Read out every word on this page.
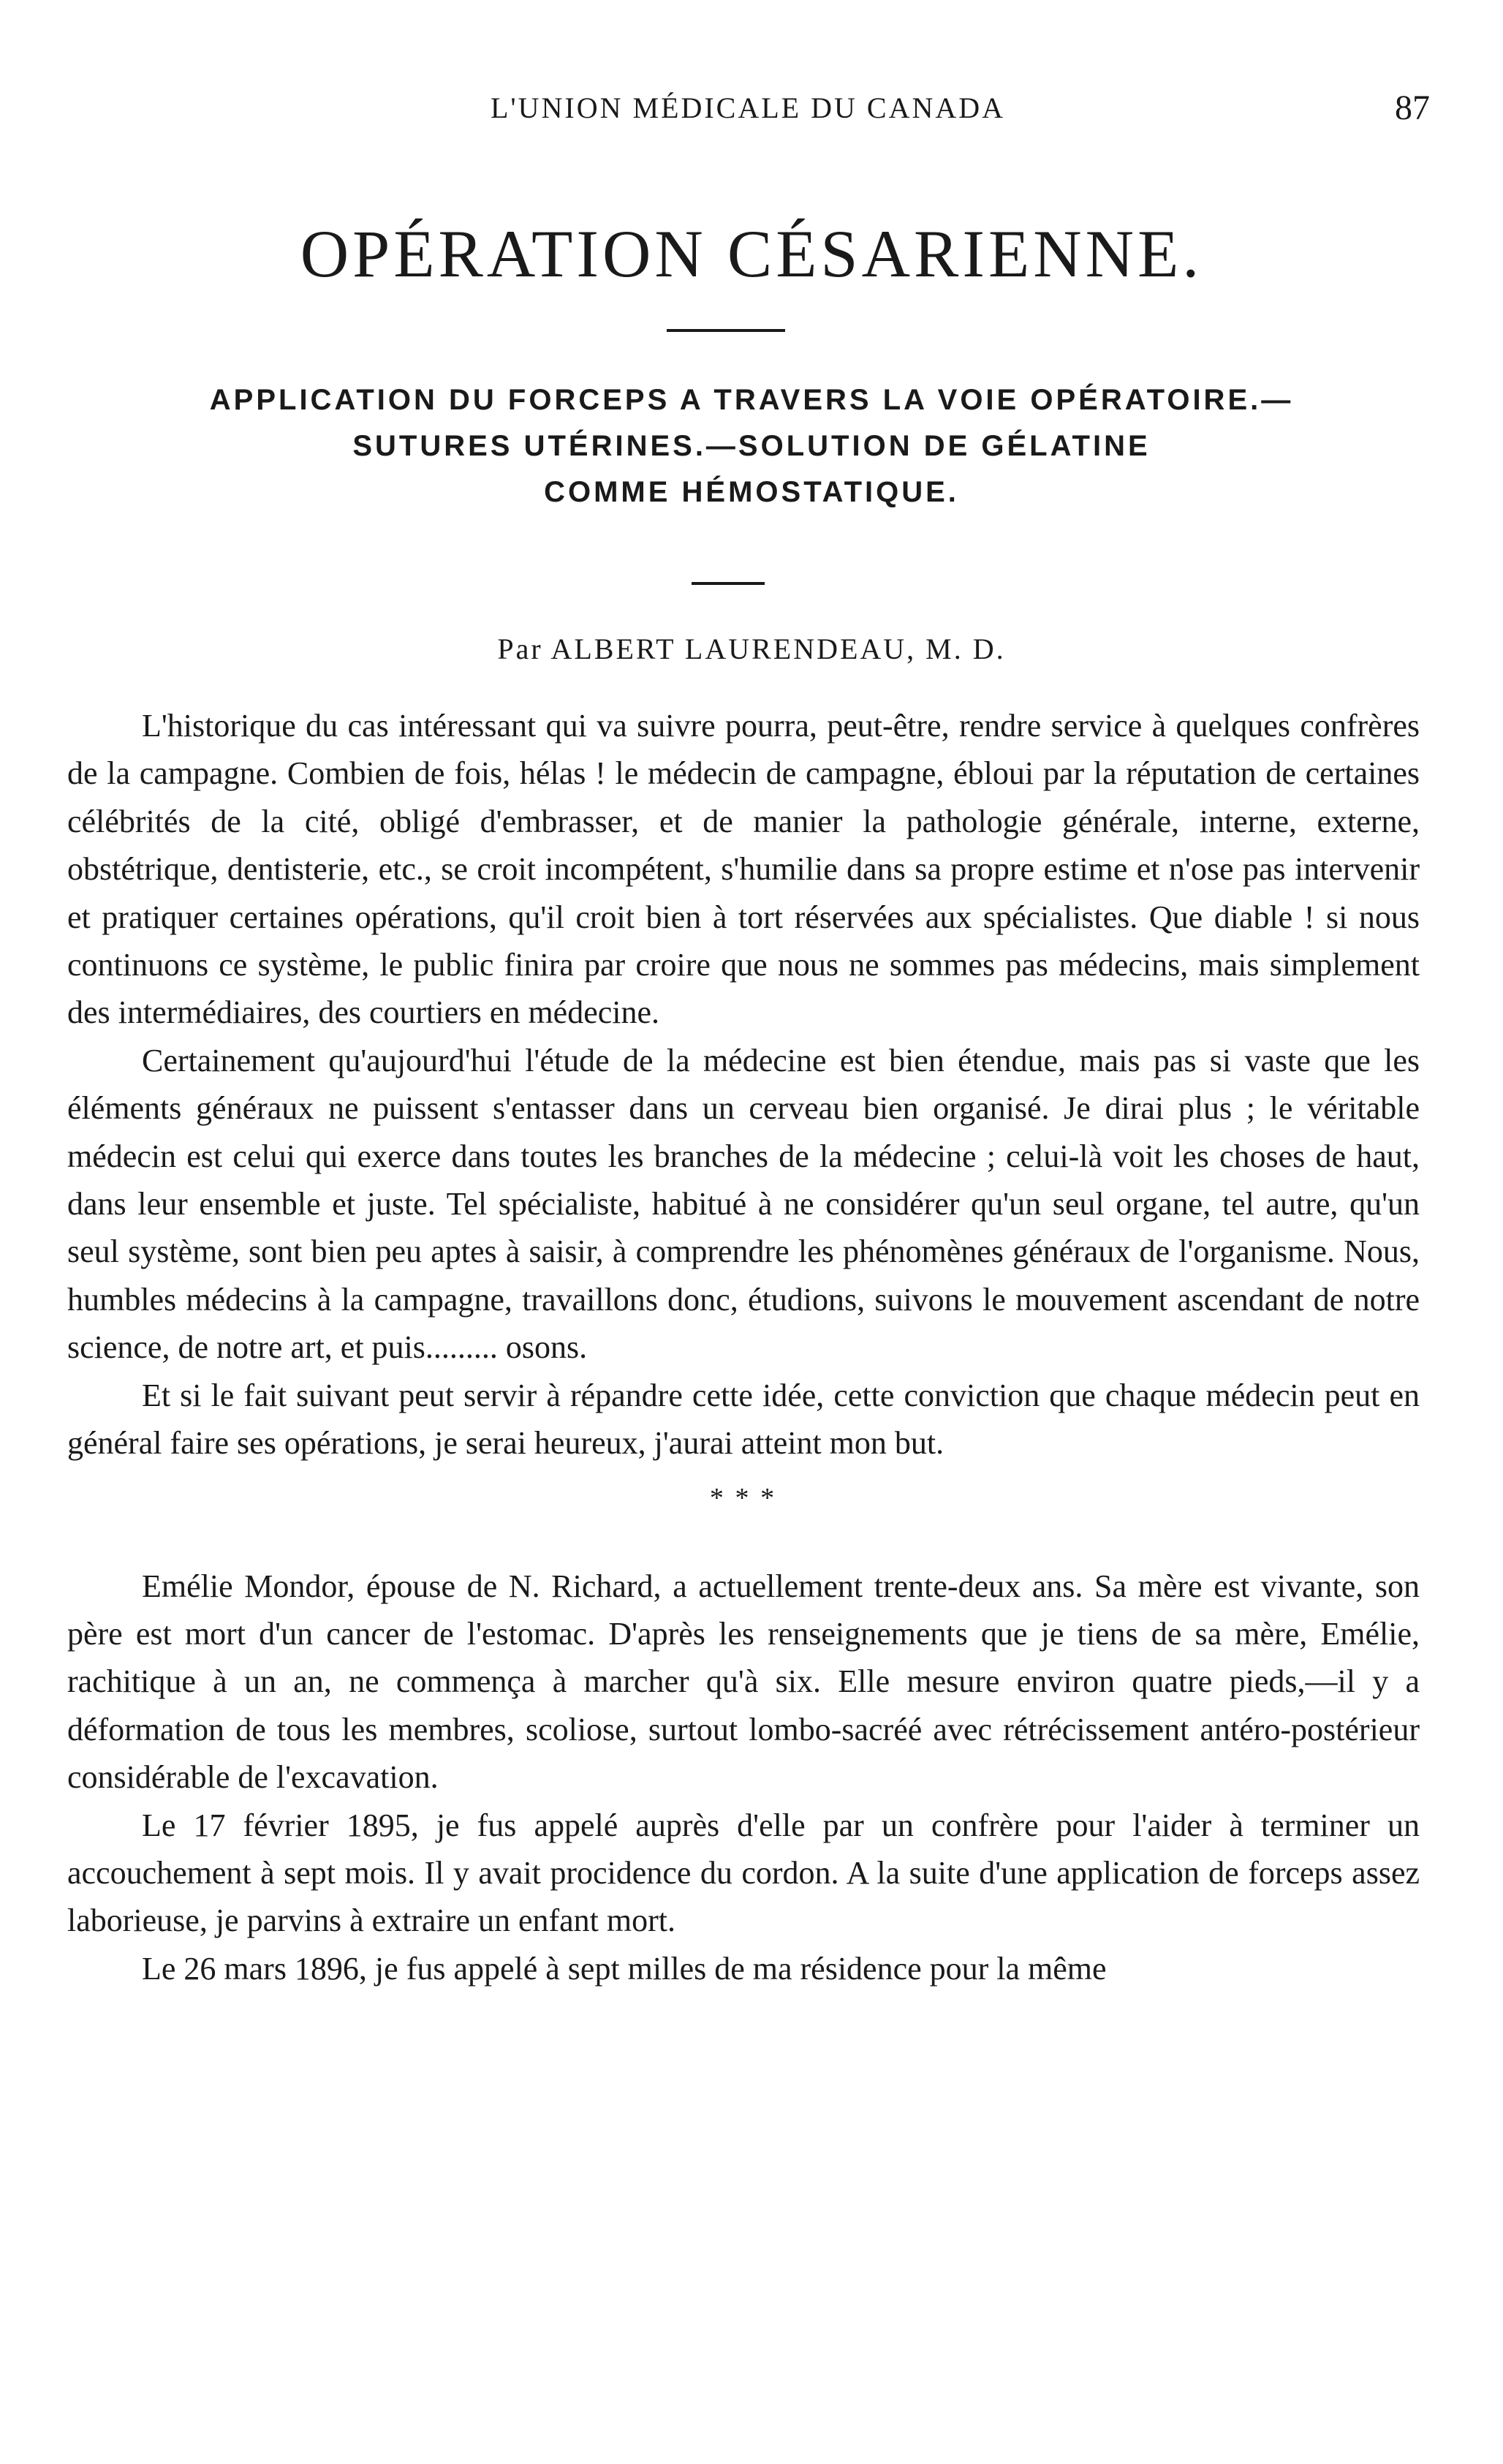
L'UNION MÉDICALE DU CANADA	87
OPÉRATION CÉSARIENNE.
APPLICATION DU FORCEPS A TRAVERS LA VOIE OPÉRATOIRE.—
SUTURES UTÉRINES.—SOLUTION DE GÉLATINE
COMME HÉMOSTATIQUE.
Par ALBERT LAURENDEAU, M. D.

L'historique du cas intéressant qui va suivre pourra, peut-être, rendre service à quelques confrères de la campagne. Combien de fois, hélas ! le médecin de campagne, ébloui par la réputation de certaines célébrités de la cité, obligé d'embrasser, et de manier la pathologie générale, interne, externe, obstétrique, dentisterie, etc., se croit incompétent, s'humilie dans sa propre estime et n'ose pas intervenir et pratiquer certaines opérations, qu'il croit bien à tort réservées aux spécialistes. Que diable ! si nous continuons ce système, le public finira par croire que nous ne sommes pas médecins, mais simplement des intermédiaires, des courtiers en médecine.

Certainement qu'aujourd'hui l'étude de la médecine est bien étendue, mais pas si vaste que les éléments généraux ne puissent s'entasser dans un cerveau bien organisé. Je dirai plus ; le véritable médecin est celui qui exerce dans toutes les branches de la médecine ; celui-là voit les choses de haut, dans leur ensemble et juste. Tel spécialiste, habitué à ne considérer qu'un seul organe, tel autre, qu'un seul système, sont bien peu aptes à saisir, à comprendre les phénomènes généraux de l'organisme. Nous, humbles médecins à la campagne, travaillons donc, étudions, suivons le mouvement ascendant de notre science, de notre art, et puis......... osons.

Et si le fait suivant peut servir à répandre cette idée, cette conviction que chaque médecin peut en général faire ses opérations, je serai heureux, j'aurai atteint mon but.

* * *

Emélie Mondor, épouse de N. Richard, a actuellement trente-deux ans. Sa mère est vivante, son père est mort d'un cancer de l'estomac. D'après les renseignements que je tiens de sa mère, Emélie, rachitique à un an, ne commença à marcher qu'à six. Elle mesure environ quatre pieds,—il y a déformation de tous les membres, scoliose, surtout lombo-sacréé avec rétrécissement antéro-postérieur considérable de l'excavation.

Le 17 février 1895, je fus appelé auprès d'elle par un confrère pour l'aider à terminer un accouchement à sept mois. Il y avait procidence du cordon. A la suite d'une application de forceps assez laborieuse, je parvins à extraire un enfant mort.

Le 26 mars 1896, je fus appelé à sept milles de ma résidence pour la même
